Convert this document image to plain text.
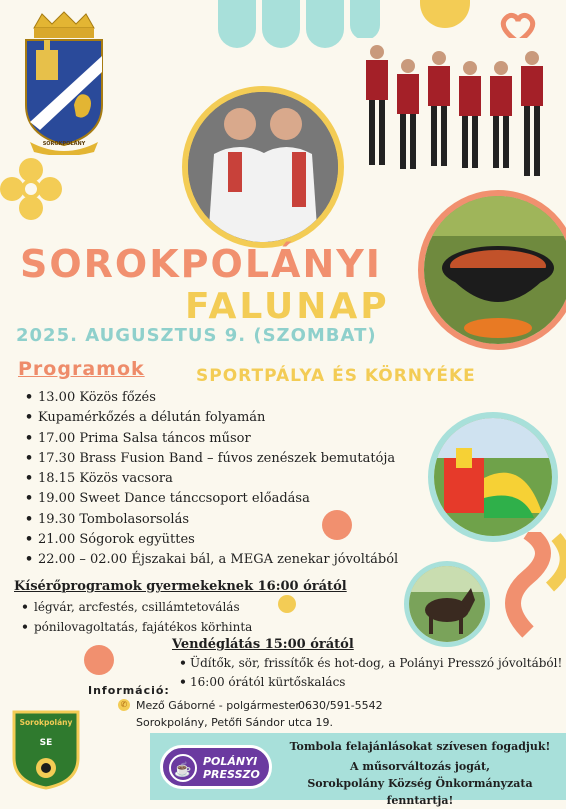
SOROKPOLÁNY
SOROKPOLÁNYI
FALUNAP
2025. AUGUSZTUS 9. (SZOMBAT)
Programok	SPORTPÁLYA ÉS KÖRNYÉKE
• 13.00 Közös főzés
• Kupamérkőzés a délután folyamán
• 17.00 Prima Salsa táncos műsor
• 17.30 Brass Fusion Band – fúvos zenészek bemutatója
• 18.15 Közös vacsora
• 19.00 Sweet Dance tánccsoport előadása
• 19.30 Tombolasorsolás
• 21.00 Sógorok együttes
• 22.00 – 02.00 Éjszakai bál, a MEGA zenekar jóvoltából
Kísérőprogramok gyermekeknek 16:00 órától
• légvár, arcfestés, csillámtetoválás
• pónilovagoltatás, fajátékos körhinta
Vendéglátás 15:00 órától
• Üdítők, sör, frissítők és hot-dog, a Polányi Presszó jóvoltából!
• 16:00 órától kürtőskalács
Információ:
✆ Mező Gáborné - polgármester
0630/591-5542
Sorokpolány, Petőfi Sándor utca 19.
Sorokpolány
SE
☕
POLÁNYI
PRESSZO
Tombola felajánlásokat szívesen fogadjuk!
A műsorváltozás jogát,
Sorokpolány Község Önkormányzata fenntartja!
